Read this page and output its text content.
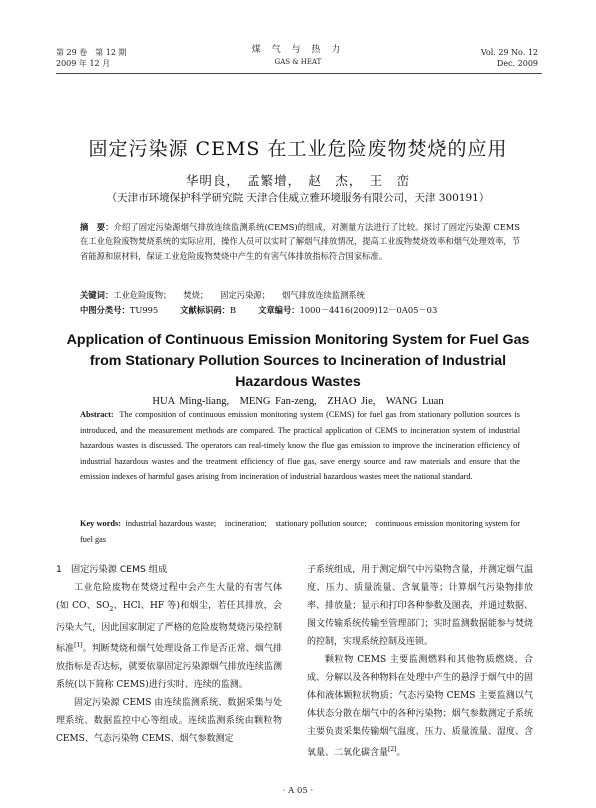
第 29 卷　第 12 期
2009 年 12 月
煤 气 与 热 力
GAS & HEAT
Vol. 29 No. 12
Dec. 2009
固定污染源 CEMS 在工业危险废物焚烧的应用
华明良，　孟繁增，　赵　杰，　王　峦
（天津市环境保护科学研究院 天津合佳威立雅环境服务有限公司，天津 300191）
摘　要：介绍了固定污染源烟气排放连续监测系统(CEMS)的组成，对测量方法进行了比较。探讨了固定污染源 CEMS 在工业危险废物焚烧系统的实际应用，操作人员可以实时了解烟气排放情况，提高工业废物焚烧效率和烟气处理效率，节省能源和原材料，保证工业危险废物焚烧中产生的有害气体排放指标符合国家标准。
关键词：工业危险废物； 焚烧； 固定污染源； 烟气排放连续监测系统
中图分类号：TU995	文献标识码：B	文章编号：1000－4416(2009)12－0A05－03
Application of Continuous Emission Monitoring System for Fuel Gas from Stationary Pollution Sources to Incineration of Industrial Hazardous Wastes
HUA Ming-liang,　MENG Fan-zeng,　ZHAO Jie,　WANG Luan
Abstract: The composition of continuous emission monitoring system (CEMS) for fuel gas from stationary pollution sources is introduced, and the measurement methods are compared. The practical application of CEMS to incineration system of industrial hazardous wastes is discussed. The operators can real-timely know the flue gas emission to improve the incineration efficiency of industrial hazardous wastes and the treatment efficiency of flue gas, save energy source and raw materials and ensure that the emission indexes of harmful gases arising from incineration of industrial hazardous wastes meet the national standard.
Key words: industrial hazardous waste;　incineration;　stationary pollution source;　continuous emission monitoring system for fuel gas
1　固定污染源 CEMS 组成

工业危险废物在焚烧过程中会产生大量的有害气体(如 CO、$SO_2$、HCl、HF 等)和烟尘，若任其排放，会污染大气，因此国家制定了严格的危险废物焚烧污染控制标准[1]。判断焚烧和烟气处理设备工作是否正常、烟气排放指标是否达标，就要依靠固定污染源烟气排放连续监测系统(以下简称 CEMS)进行实时、连续的监测。

固定污染源 CEMS 由连续监测系统、数据采集与处理系统、数据监控中心等组成。连续监测系统由颗粒物 CEMS、气态污染物 CEMS、烟气参数测定

子系统组成，用于测定烟气中污染物含量，并测定烟气温度、压力、质量流量、含氧量等；计算烟气污染物排放率、排放量；显示和打印各种参数及图表，并通过数据、图文传输系统传输至管理部门；实时监测数据能参与焚烧的控制，实现系统控制及连锁。

颗粒物 CEMS 主要监测燃料和其他物质燃烧、合成、分解以及各种物料在处理中产生的悬浮于烟气中的固体和液体颗粒状物质；气态污染物 CEMS 主要监测以气体状态分散在烟气中的各种污染物；烟气参数测定子系统主要负责采集传输烟气温度、压力、质量流量、湿度、含氧量、二氧化碳含量[2]。

· A 05 ·
